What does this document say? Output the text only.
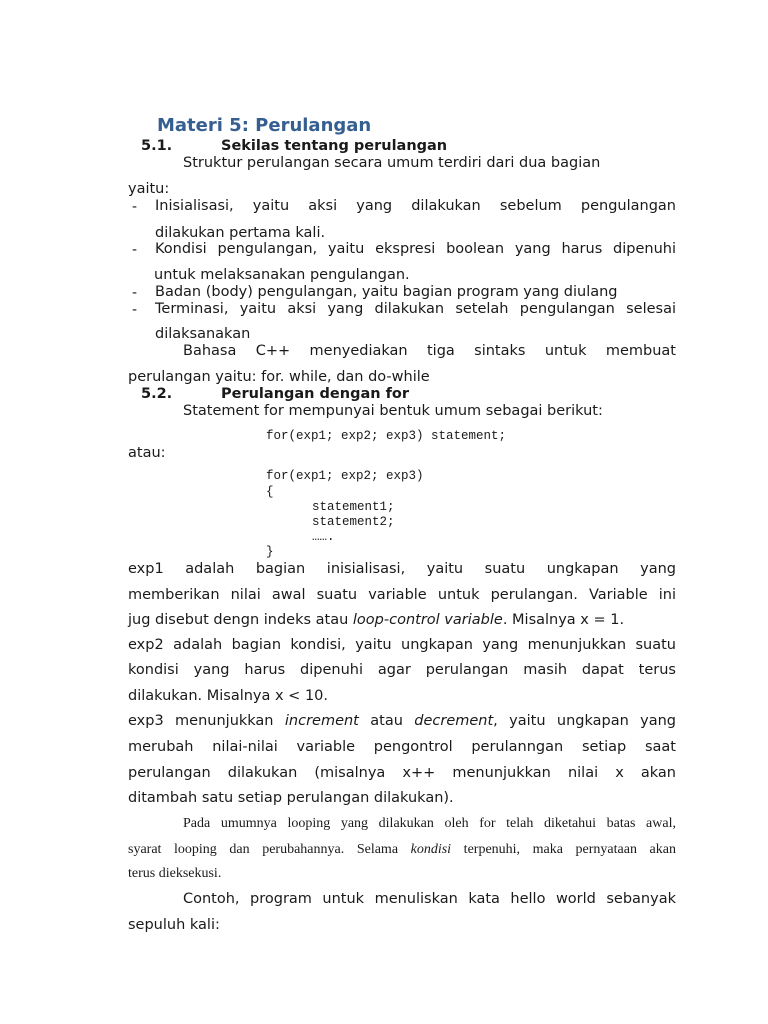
Materi 5: Perulangan
5.1.	Sekilas tentang perulangan
Struktur perulangan secara umum terdiri dari dua bagian
yaitu:
- Inisialisasi, yaitu aksi yang dilakukan sebelum pengulangan
dilakukan pertama kali.
- Kondisi pengulangan, yaitu ekspresi boolean yang harus dipenuhi
untuk melaksanakan pengulangan.
- Badan (body) pengulangan, yaitu bagian program yang diulang
- Terminasi, yaitu aksi yang dilakukan setelah pengulangan selesai
dilaksanakan
Bahasa C++ menyediakan tiga sintaks untuk membuat
perulangan yaitu: for. while, dan do-while
5.2.	Perulangan dengan for
Statement for mempunyai bentuk umum sebagai berikut:
for(exp1; exp2; exp3) statement;
atau:
for(exp1; exp2; exp3)
{
statement1;
statement2;
…….
}
exp1 adalah bagian inisialisasi, yaitu suatu ungkapan yang
memberikan nilai awal suatu variable untuk perulangan. Variable ini
jug disebut dengn indeks atau loop-control variable. Misalnya x = 1.
exp2 adalah bagian kondisi, yaitu ungkapan yang menunjukkan suatu
kondisi yang harus dipenuhi agar perulangan masih dapat terus
dilakukan. Misalnya x < 10.
exp3 menunjukkan increment atau decrement, yaitu ungkapan yang
merubah nilai-nilai variable pengontrol perulanngan setiap saat
perulangan dilakukan (misalnya x++ menunjukkan nilai x akan
ditambah satu setiap perulangan dilakukan).
Pada umumnya looping yang dilakukan oleh for telah diketahui batas awal,
syarat looping dan perubahannya. Selama kondisi terpenuhi, maka pernyataan akan
terus dieksekusi.
Contoh, program untuk menuliskan kata hello world sebanyak
sepuluh kali:
